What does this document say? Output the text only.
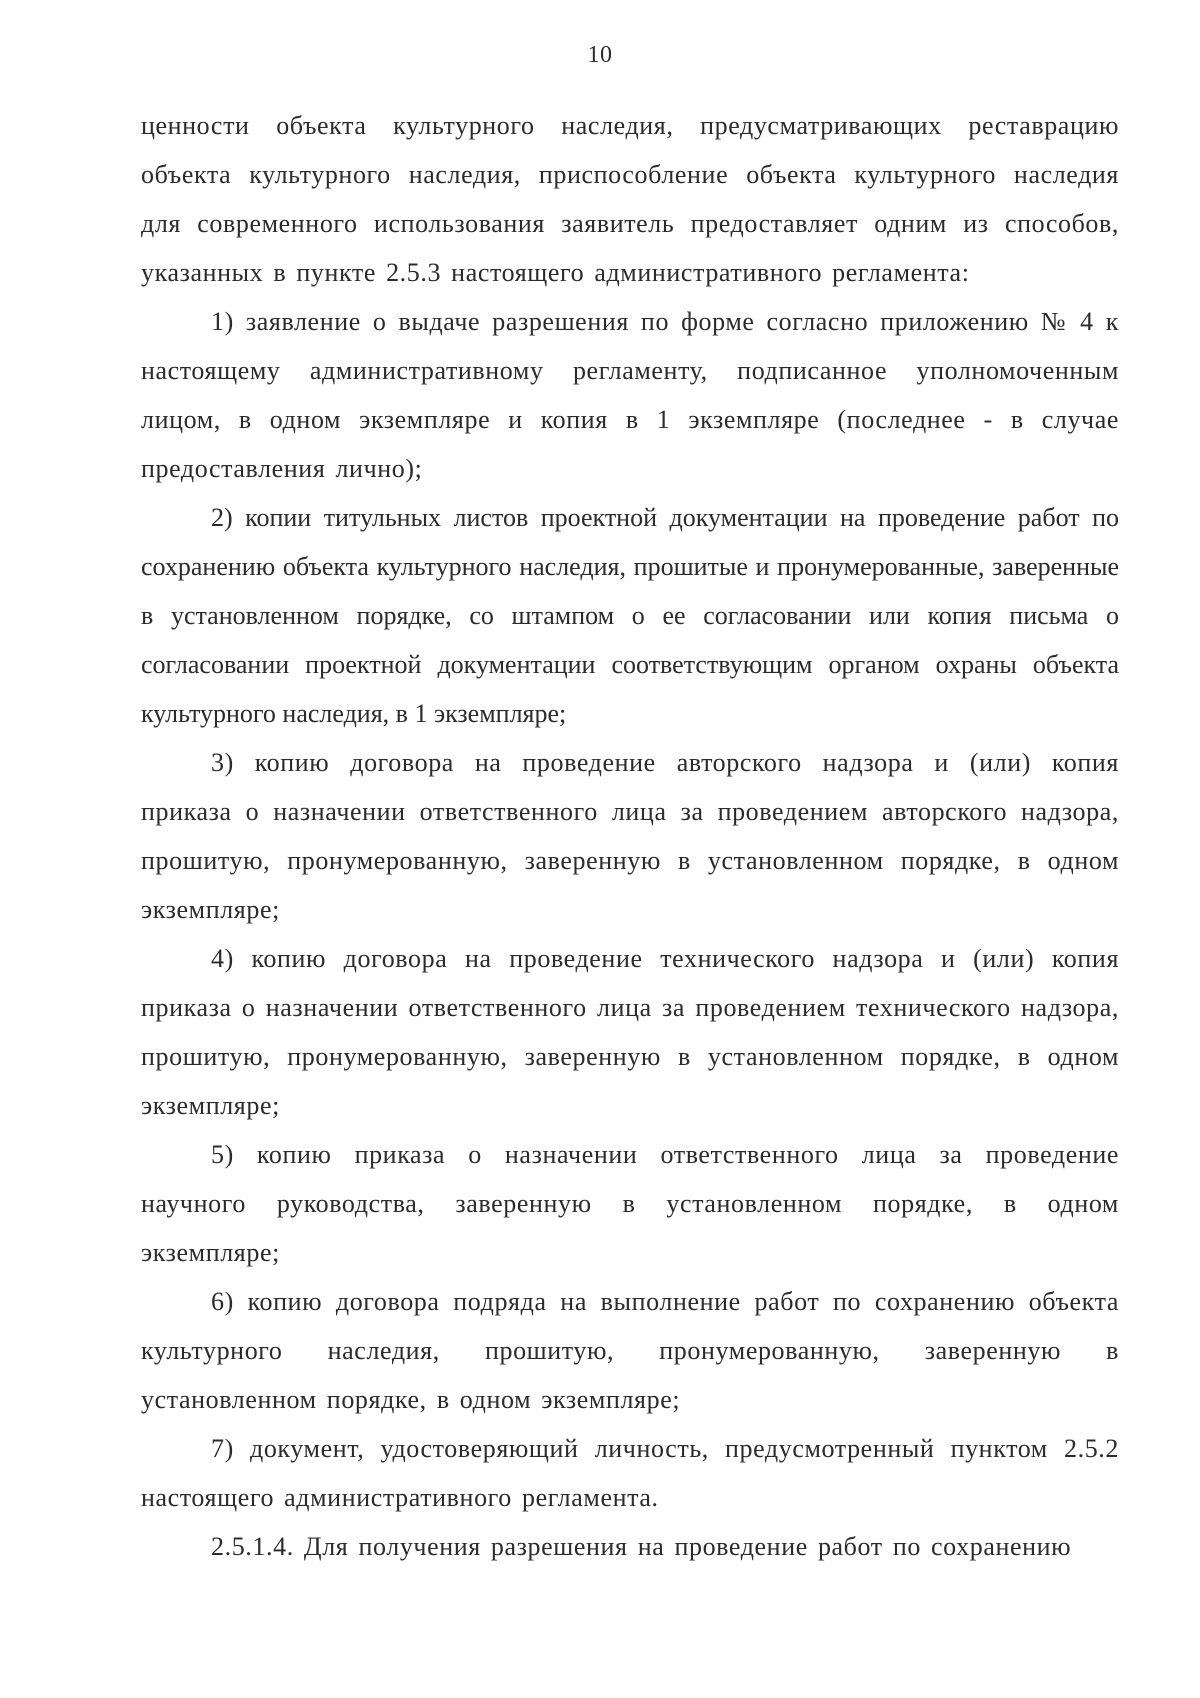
10

ценности объекта культурного наследия, предусматривающих реставрацию объекта культурного наследия, приспособление объекта культурного наследия для современного использования заявитель предоставляет одним из способов, указанных в пункте 2.5.3 настоящего административного регламента:

1) заявление о выдаче разрешения по форме согласно приложению № 4 к настоящему административному регламенту, подписанное уполномоченным лицом, в одном экземпляре и копия в 1 экземпляре (последнее - в случае предоставления лично);

2) копии титульных листов проектной документации на проведение работ по сохранению объекта культурного наследия, прошитые и пронумерованные, заверенные в установленном порядке, со штампом о ее согласовании или копия письма о согласовании проектной документации соответствующим органом охраны объекта культурного наследия, в 1 экземпляре;

3) копию договора на проведение авторского надзора и (или) копия приказа о назначении ответственного лица за проведением авторского надзора, прошитую, пронумерованную, заверенную в установленном порядке, в одном экземпляре;

4) копию договора на проведение технического надзора и (или) копия приказа о назначении ответственного лица за проведением технического надзора, прошитую, пронумерованную, заверенную в установленном порядке, в одном экземпляре;

5) копию приказа о назначении ответственного лица за проведение научного руководства, заверенную в установленном порядке, в одном экземпляре;

6) копию договора подряда на выполнение работ по сохранению объекта культурного наследия, прошитую, пронумерованную, заверенную в установленном порядке, в одном экземпляре;

7) документ, удостоверяющий личность, предусмотренный пунктом 2.5.2 настоящего административного регламента.

2.5.1.4. Для получения разрешения на проведение работ по сохранению
